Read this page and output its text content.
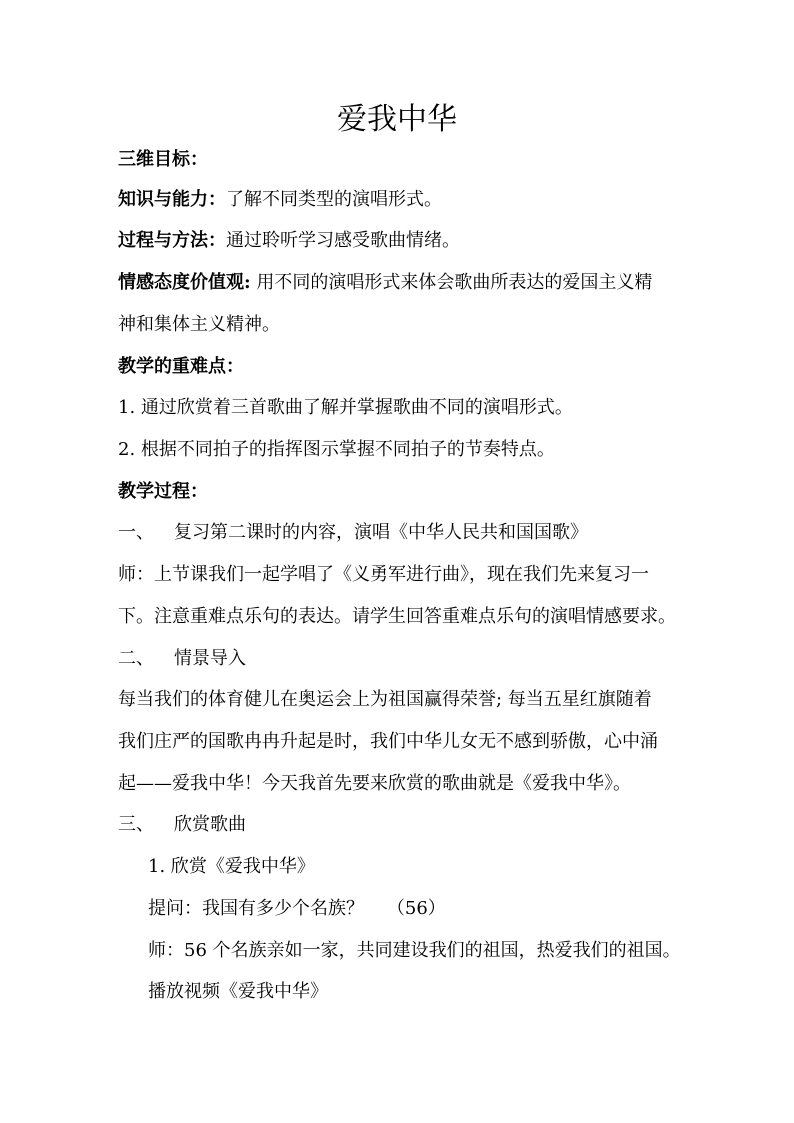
爱我中华
三维目标：
知识与能力：了解不同类型的演唱形式。
过程与方法：通过聆听学习感受歌曲情绪。
情感态度价值观: 用不同的演唱形式来体会歌曲所表达的爱国主义精
神和集体主义精神。
教学的重难点：
1. 通过欣赏着三首歌曲了解并掌握歌曲不同的演唱形式。
2. 根据不同拍子的指挥图示掌握不同拍子的节奏特点。
教学过程：
一、 复习第二课时的内容，演唱《中华人民共和国国歌》
师：上节课我们一起学唱了《义勇军进行曲》，现在我们先来复习一
下。注意重难点乐句的表达。请学生回答重难点乐句的演唱情感要求。
二、 情景导入
每当我们的体育健儿在奥运会上为祖国赢得荣誉; 每当五星红旗随着
我们庄严的国歌冉冉升起是时，我们中华儿女无不感到骄傲，心中涌
起——爱我中华！今天我首先要来欣赏的歌曲就是《爱我中华》。
三、 欣赏歌曲
1. 欣赏《爱我中华》
提问：我国有多少个名族？    （56）
师：56 个名族亲如一家，共同建设我们的祖国，热爱我们的祖国。
播放视频《爱我中华》
